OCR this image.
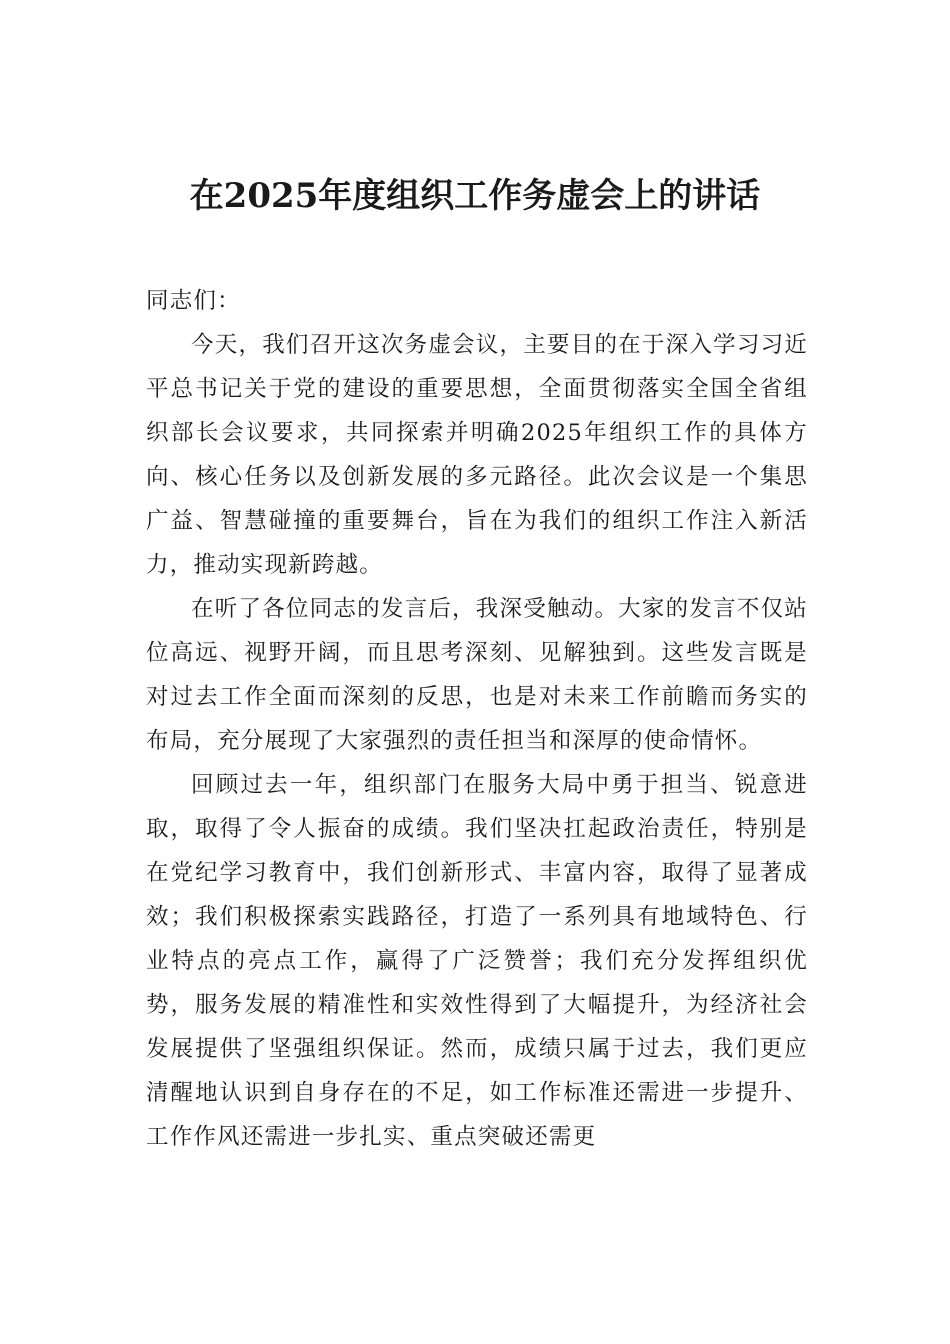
在2025年度组织工作务虚会上的讲话

同志们：

今天，我们召开这次务虚会议，主要目的在于深入学习习近平总书记关于党的建设的重要思想，全面贯彻落实全国全省组织部长会议要求，共同探索并明确2025年组织工作的具体方向、核心任务以及创新发展的多元路径。此次会议是一个集思广益、智慧碰撞的重要舞台，旨在为我们的组织工作注入新活力，推动实现新跨越。

在听了各位同志的发言后，我深受触动。大家的发言不仅站位高远、视野开阔，而且思考深刻、见解独到。这些发言既是对过去工作全面而深刻的反思，也是对未来工作前瞻而务实的布局，充分展现了大家强烈的责任担当和深厚的使命情怀。

回顾过去一年，组织部门在服务大局中勇于担当、锐意进取，取得了令人振奋的成绩。我们坚决扛起政治责任，特别是在党纪学习教育中，我们创新形式、丰富内容，取得了显著成效；我们积极探索实践路径，打造了一系列具有地域特色、行业特点的亮点工作，赢得了广泛赞誉；我们充分发挥组织优势，服务发展的精准性和实效性得到了大幅提升，为经济社会发展提供了坚强组织保证。然而，成绩只属于过去，我们更应清醒地认识到自身存在的不足，如工作标准还需进一步提升、工作作风还需进一步扎实、重点突破还需更
